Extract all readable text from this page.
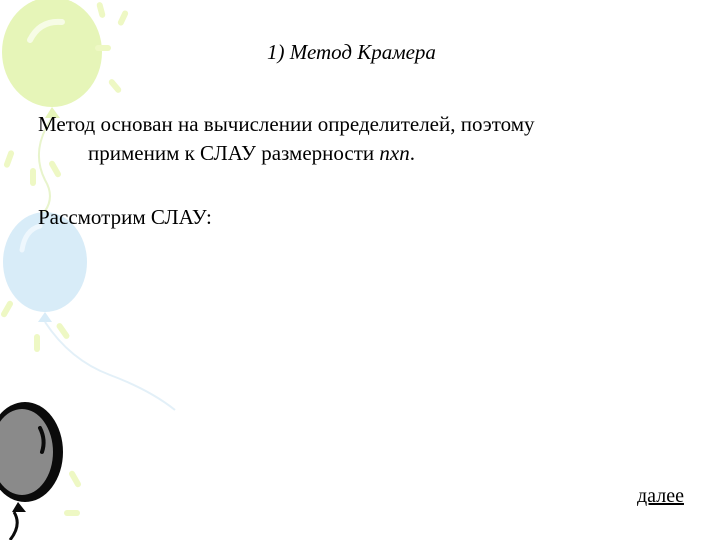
1) Метод Крамера
Метод основан на вычислении определителей, поэтому
применим к СЛАУ размерности nxn.
Рассмотрим СЛАУ:
далее
